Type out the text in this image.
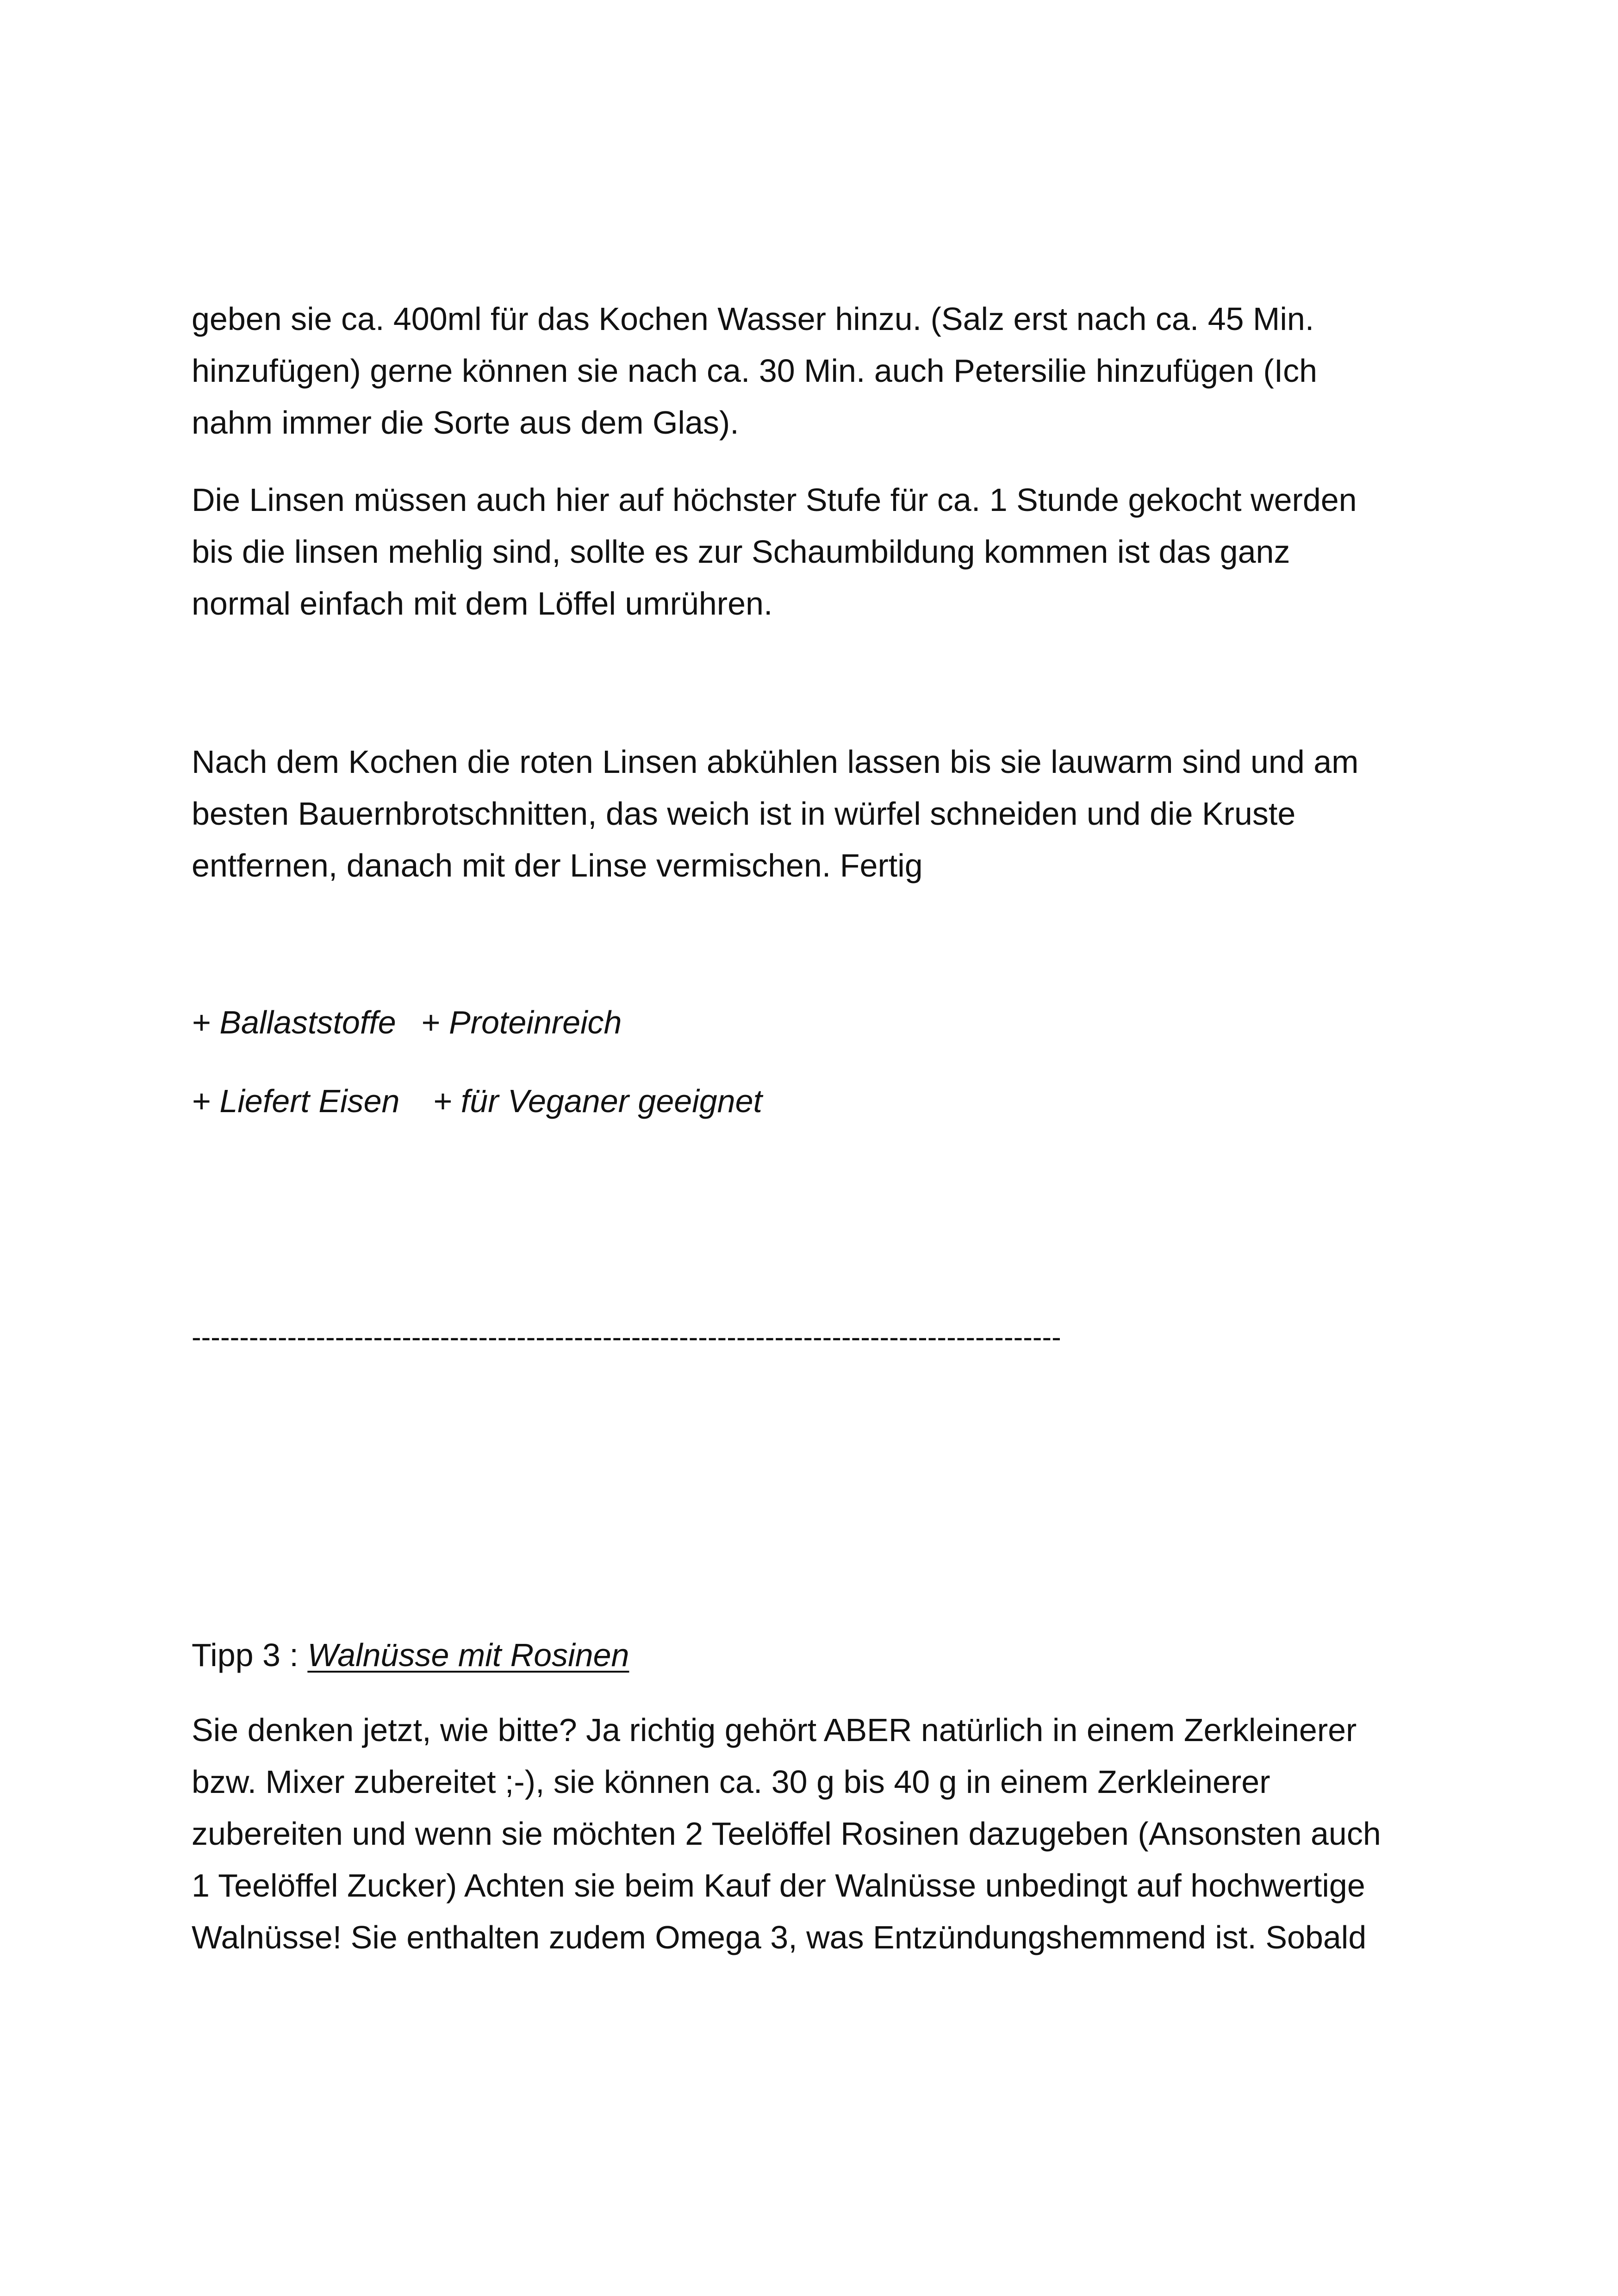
geben sie ca. 400ml für das Kochen Wasser hinzu. (Salz erst nach ca. 45 Min.
hinzufügen) gerne können sie nach ca. 30 Min. auch Petersilie hinzufügen (Ich
nahm immer die Sorte aus dem Glas).
Die Linsen müssen auch hier auf höchster Stufe für ca. 1 Stunde gekocht werden
bis die linsen mehlig sind, sollte es zur Schaumbildung kommen ist das ganz
normal einfach mit dem Löffel umrühren.
Nach dem Kochen die roten Linsen abkühlen lassen bis sie lauwarm sind und am
besten Bauernbrotschnitten, das weich ist in würfel schneiden und die Kruste
entfernen, danach mit der Linse vermischen. Fertig
+ Ballaststoffe + Proteinreich
+ Liefert Eisen + für Veganer geeignet
-------------------------------------------------------------------------------------------
Tipp 3 : Walnüsse mit Rosinen
Sie denken jetzt, wie bitte? Ja richtig gehört ABER natürlich in einem Zerkleinerer
bzw. Mixer zubereitet ;-), sie können ca. 30 g bis 40 g in einem Zerkleinerer
zubereiten und wenn sie möchten 2 Teelöffel Rosinen dazugeben (Ansonsten auch
1 Teelöffel Zucker) Achten sie beim Kauf der Walnüsse unbedingt auf hochwertige
Walnüsse! Sie enthalten zudem Omega 3, was Entzündungshemmend ist. Sobald
